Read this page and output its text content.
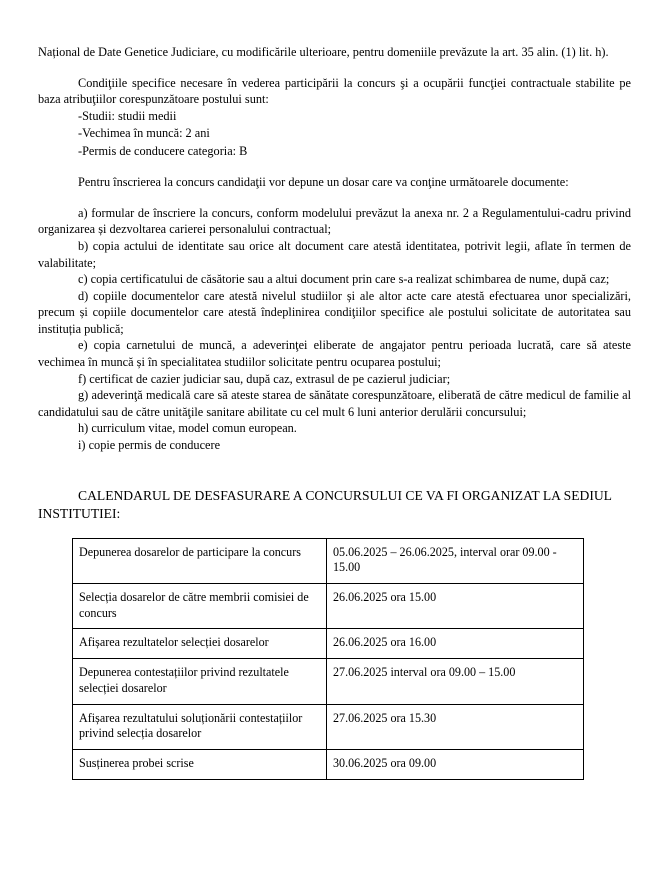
Național de Date Genetice Judiciare, cu modificările ulterioare, pentru domeniile prevăzute la art. 35 alin. (1) lit. h).

Condiţiile specifice necesare în vederea participării la concurs şi a ocupării funcţiei contractuale stabilite pe baza atribuţiilor corespunzătoare postului sunt:

-Studii: studii medii

-Vechimea în muncă: 2 ani

-Permis de conducere categoria: B

Pentru înscrierea la concurs candidaţii vor depune un dosar care va conţine următoarele documente:

a) formular de înscriere la concurs, conform modelului prevăzut la anexa nr. 2 a Regulamentului-cadru privind organizarea și dezvoltarea carierei personalului contractual;

b) copia actului de identitate sau orice alt document care atestă identitatea, potrivit legii, aflate în termen de valabilitate;

c) copia certificatului de căsătorie sau a altui document prin care s-a realizat schimbarea de nume, după caz;

d) copiile documentelor care atestă nivelul studiilor și ale altor acte care atestă efectuarea unor specializări, precum și copiile documentelor care atestă îndeplinirea condiţiilor specifice ale postului solicitate de autoritatea sau instituția publică;

e) copia carnetului de muncă, a adeverinţei eliberate de angajator pentru perioada lucrată, care să ateste vechimea în muncă și în specialitatea studiilor solicitate pentru ocuparea postului;

f) certificat de cazier judiciar sau, după caz, extrasul de pe cazierul judiciar;

g) adeverinţă medicală care să ateste starea de sănătate corespunzătoare, eliberată de către medicul de familie al candidatului sau de către unităţile sanitare abilitate cu cel mult 6 luni anterior derulării concursului;

h) curriculum vitae, model comun european.

i) copie permis de conducere

CALENDARUL DE DESFASURARE A CONCURSULUI CE VA FI ORGANIZAT LA SEDIUL INSTITUTIEI:

Depunerea dosarelor de participare la concurs	05.06.2025 – 26.06.2025, interval orar 09.00 - 15.00
Selecția dosarelor de către membrii comisiei de concurs	26.06.2025 ora 15.00
Afișarea rezultatelor selecției dosarelor	26.06.2025 ora 16.00
Depunerea contestațiilor privind rezultatele selecției dosarelor	27.06.2025 interval ora 09.00 – 15.00
Afișarea rezultatului soluționării contestațiilor privind selecția dosarelor	27.06.2025 ora 15.30
Susținerea probei scrise	30.06.2025 ora 09.00
